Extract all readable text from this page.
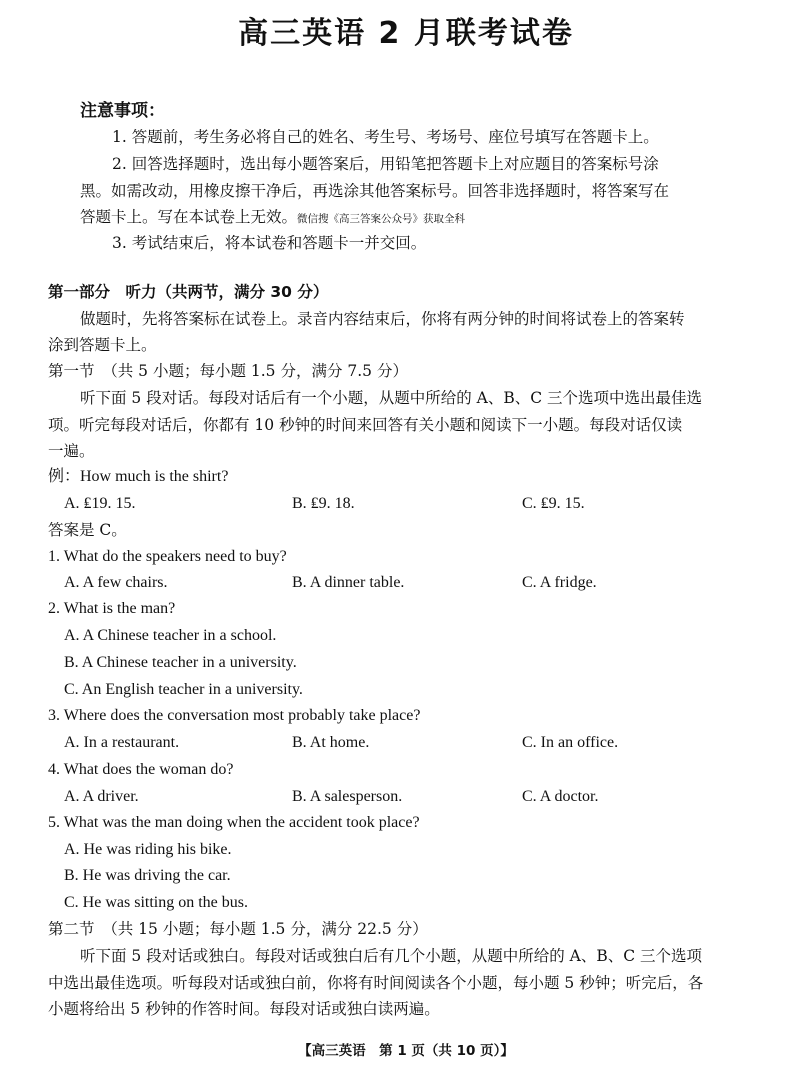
高三英语 2 月联考试卷
注意事项：
1. 答题前，考生务必将自己的姓名、考生号、考场号、座位号填写在答题卡上。
2. 回答选择题时，选出每小题答案后，用铅笔把答题卡上对应题目的答案标号涂
黑。如需改动，用橡皮擦干净后，再选涂其他答案标号。回答非选择题时，将答案写在
答题卡上。写在本试卷上无效。微信搜《高三答案公众号》获取全科
3. 考试结束后，将本试卷和答题卡一并交回。
第一部分　听力（共两节，满分 30 分）
做题时，先将答案标在试卷上。录音内容结束后，你将有两分钟的时间将试卷上的答案转
涂到答题卡上。
第一节　（共 5 小题；每小题 1.5 分，满分 7.5 分）
听下面 5 段对话。每段对话后有一个小题，从题中所给的 A、B、C 三个选项中选出最佳选
项。听完每段对话后，你都有 10 秒钟的时间来回答有关小题和阅读下一小题。每段对话仅读
一遍。
例：How much is the shirt?
A. ₤19. 15.	B. ₤9. 18.	C. ₤9. 15.
答案是 C。
1. What do the speakers need to buy?
A. A few chairs.	B. A dinner table.	C. A fridge.
2. What is the man?
A. A Chinese teacher in a school.
B. A Chinese teacher in a university.
C. An English teacher in a university.
3. Where does the conversation most probably take place?
A. In a restaurant.	B. At home.	C. In an office.
4. What does the woman do?
A. A driver.	B. A salesperson.	C. A doctor.
5. What was the man doing when the accident took place?
A. He was riding his bike.
B. He was driving the car.
C. He was sitting on the bus.
第二节　（共 15 小题；每小题 1.5 分，满分 22.5 分）
听下面 5 段对话或独白。每段对话或独白后有几个小题，从题中所给的 A、B、C 三个选项
中选出最佳选项。听每段对话或独白前，你将有时间阅读各个小题，每小题 5 秒钟；听完后，各
小题将给出 5 秒钟的作答时间。每段对话或独白读两遍。
【高三英语　第 1 页（共 10 页）】
